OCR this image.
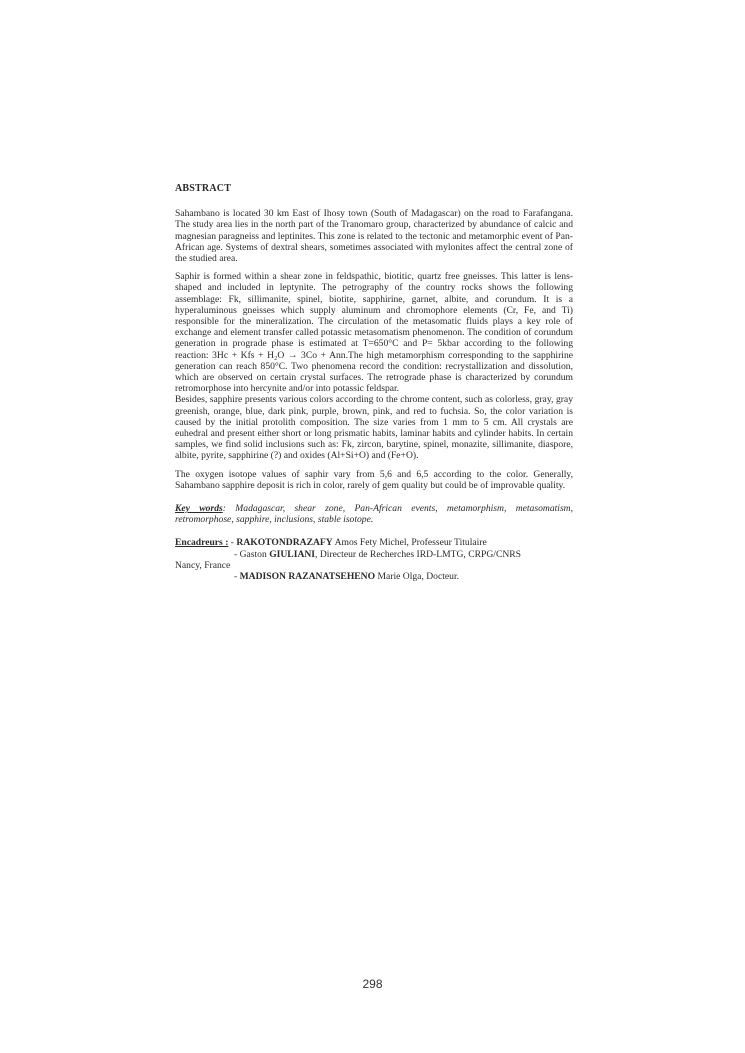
ABSTRACT
Sahambano is located 30 km East of Ihosy town (South of Madagascar) on the road to Farafangana. The study area lies in the north part of the Tranomaro group, characterized by abundance of calcic and magnesian paragneiss and leptinites. This zone is related to the tectonic and metamorphic event of Pan-African age. Systems of dextral shears, sometimes associated with mylonites affect the central zone of the studied area.
Saphir is formed within a shear zone in feldspathic, biotitic, quartz free gneisses. This latter is lens-shaped and included in leptynite. The petrography of the country rocks shows the following assemblage: Fk, sillimanite, spinel, biotite, sapphirine, garnet, albite, and corundum. It is a hyperaluminous gneisses which supply aluminum and chromophore elements (Cr, Fe, and Ti) responsible for the mineralization. The circulation of the metasomatic fluids plays a key role of exchange and element transfer called potassic metasomatism phenomenon. The condition of corundum generation in prograde phase is estimated at T=650°C and P= 5kbar according to the following reaction: 3Hc + Kfs + H₂O → 3Co + Ann.The high metamorphism corresponding to the sapphirine generation can reach 850°C. Two phenomena record the condition: recrystallization and dissolution, which are observed on certain crystal surfaces. The retrograde phase is characterized by corundum retromorphose into hercynite and/or into potassic feldspar.
Besides, sapphire presents various colors according to the chrome content, such as colorless, gray, gray greenish, orange, blue, dark pink, purple, brown, pink, and red to fuchsia. So, the color variation is caused by the initial protolith composition. The size varies from 1 mm to 5 cm. All crystals are euhedral and present either short or long prismatic habits, laminar habits and cylinder habits. In certain samples, we find solid inclusions such as: Fk, zircon, barytine, spinel, monazite, sillimanite, diaspore, albite, pyrite, sapphirine (?) and oxides (Al+Si+O) and (Fe+O).
The oxygen isotope values of saphir vary from 5,6 and 6,5 according to the color. Generally, Sahambano sapphire deposit is rich in color, rarely of gem quality but could be of improvable quality.
Key words: Madagascar, shear zone, Pan-African events, metamorphism, metasomatism, retromorphose, sapphire, inclusions, stable isotope.
Encadreurs : - RAKOTONDRAZAFY Amos Fety Michel, Professeur Titulaire
- Gaston GIULIANI, Directeur de Recherches IRD-LMTG, CRPG/CNRS
Nancy, France
- MADISON RAZANATSEHENO Marie Olga, Docteur.
298
